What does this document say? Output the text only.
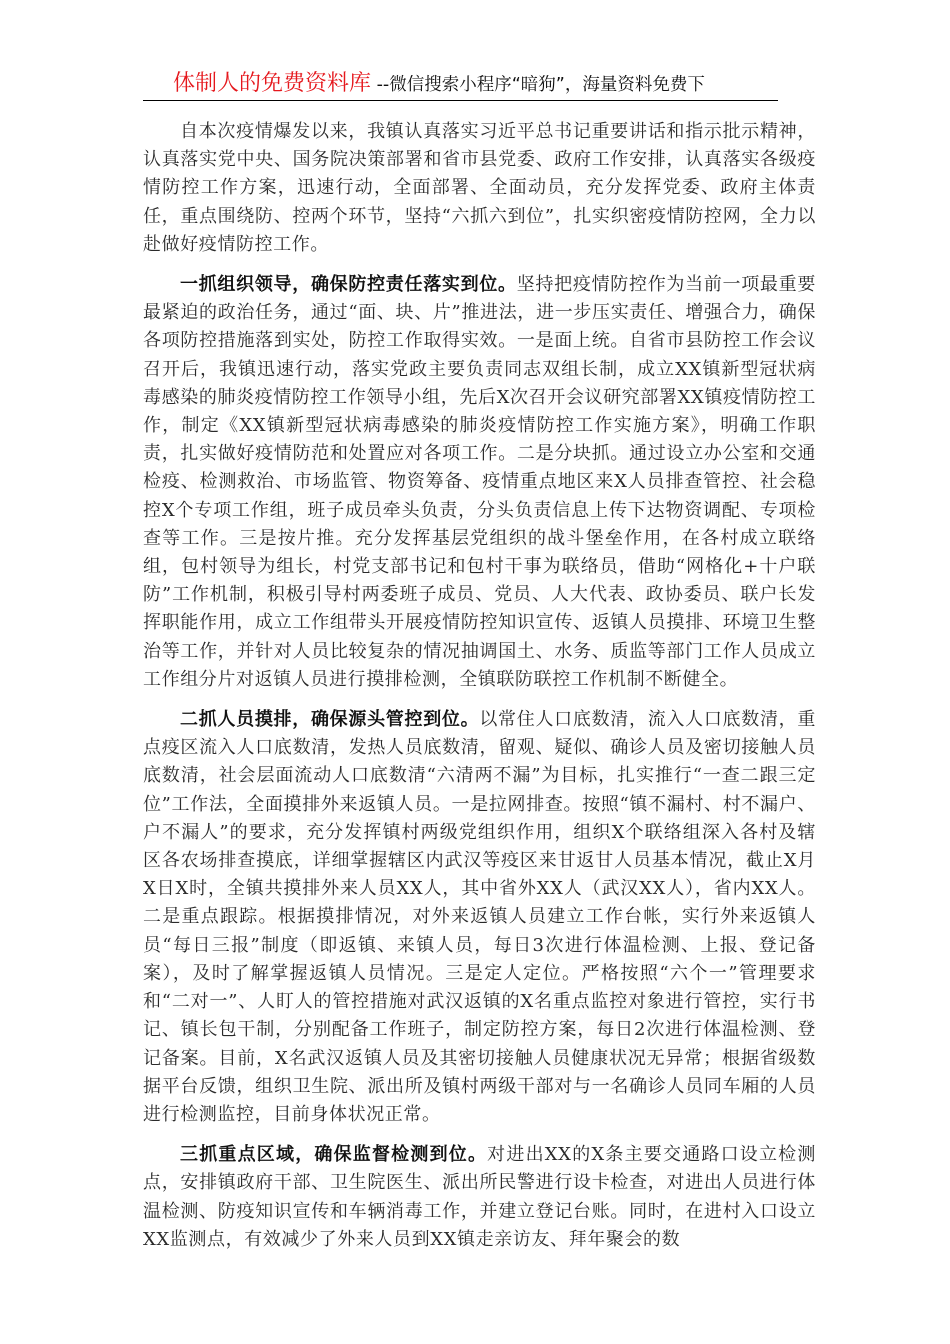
体制人的免费资料库 --微信搜索小程序“暗狗”，海量资料免费下

自本次疫情爆发以来，我镇认真落实习近平总书记重要讲话和指示批示精神，认真落实党中央、国务院决策部署和省市县党委、政府工作安排，认真落实各级疫情防控工作方案，迅速行动，全面部署、全面动员，充分发挥党委、政府主体责任，重点围绕防、控两个环节，坚持“六抓六到位”，扎实织密疫情防控网，全力以赴做好疫情防控工作。

一抓组织领导，确保防控责任落实到位。坚持把疫情防控作为当前一项最重要最紧迫的政治任务，通过“面、块、片”推进法，进一步压实责任、增强合力，确保各项防控措施落到实处，防控工作取得实效。一是面上统。自省市县防控工作会议召开后，我镇迅速行动，落实党政主要负责同志双组长制，成立XX镇新型冠状病毒感染的肺炎疫情防控工作领导小组，先后X次召开会议研究部署XX镇疫情防控工作，制定《XX镇新型冠状病毒感染的肺炎疫情防控工作实施方案》，明确工作职责，扎实做好疫情防范和处置应对各项工作。二是分块抓。通过设立办公室和交通检疫、检测救治、市场监管、物资筹备、疫情重点地区来X人员排查管控、社会稳控X个专项工作组，班子成员牵头负责，分头负责信息上传下达物资调配、专项检查等工作。三是按片推。充分发挥基层党组织的战斗堡垒作用，在各村成立联络组，包村领导为组长，村党支部书记和包村干事为联络员，借助“网格化+十户联防”工作机制，积极引导村两委班子成员、党员、人大代表、政协委员、联户长发挥职能作用，成立工作组带头开展疫情防控知识宣传、返镇人员摸排、环境卫生整治等工作，并针对人员比较复杂的情况抽调国土、水务、质监等部门工作人员成立工作组分片对返镇人员进行摸排检测，全镇联防联控工作机制不断健全。

二抓人员摸排，确保源头管控到位。以常住人口底数清，流入人口底数清，重点疫区流入人口底数清，发热人员底数清，留观、疑似、确诊人员及密切接触人员底数清，社会层面流动人口底数清“六清两不漏”为目标，扎实推行“一查二跟三定位”工作法，全面摸排外来返镇人员。一是拉网排查。按照“镇不漏村、村不漏户、户不漏人”的要求，充分发挥镇村两级党组织作用，组织X个联络组深入各村及辖区各农场排查摸底，详细掌握辖区内武汉等疫区来甘返甘人员基本情况，截止X月X日X时，全镇共摸排外来人员XX人，其中省外XX人（武汉XX人），省内XX人。二是重点跟踪。根据摸排情况，对外来返镇人员建立工作台帐，实行外来返镇人员“每日三报”制度（即返镇、来镇人员，每日3次进行体温检测、上报、登记备案），及时了解掌握返镇人员情况。三是定人定位。严格按照“六个一”管理要求和“二对一”、人盯人的管控措施对武汉返镇的X名重点监控对象进行管控，实行书记、镇长包干制，分别配备工作班子，制定防控方案，每日2次进行体温检测、登记备案。目前，X名武汉返镇人员及其密切接触人员健康状况无异常；根据省级数据平台反馈，组织卫生院、派出所及镇村两级干部对与一名确诊人员同车厢的人员进行检测监控，目前身体状况正常。

三抓重点区域，确保监督检测到位。对进出XX的X条主要交通路口设立检测点，安排镇政府干部、卫生院医生、派出所民警进行设卡检查，对进出人员进行体温检测、防疫知识宣传和车辆消毒工作，并建立登记台账。同时，在进村入口设立XX监测点，有效减少了外来人员到XX镇走亲访友、拜年聚会的数
